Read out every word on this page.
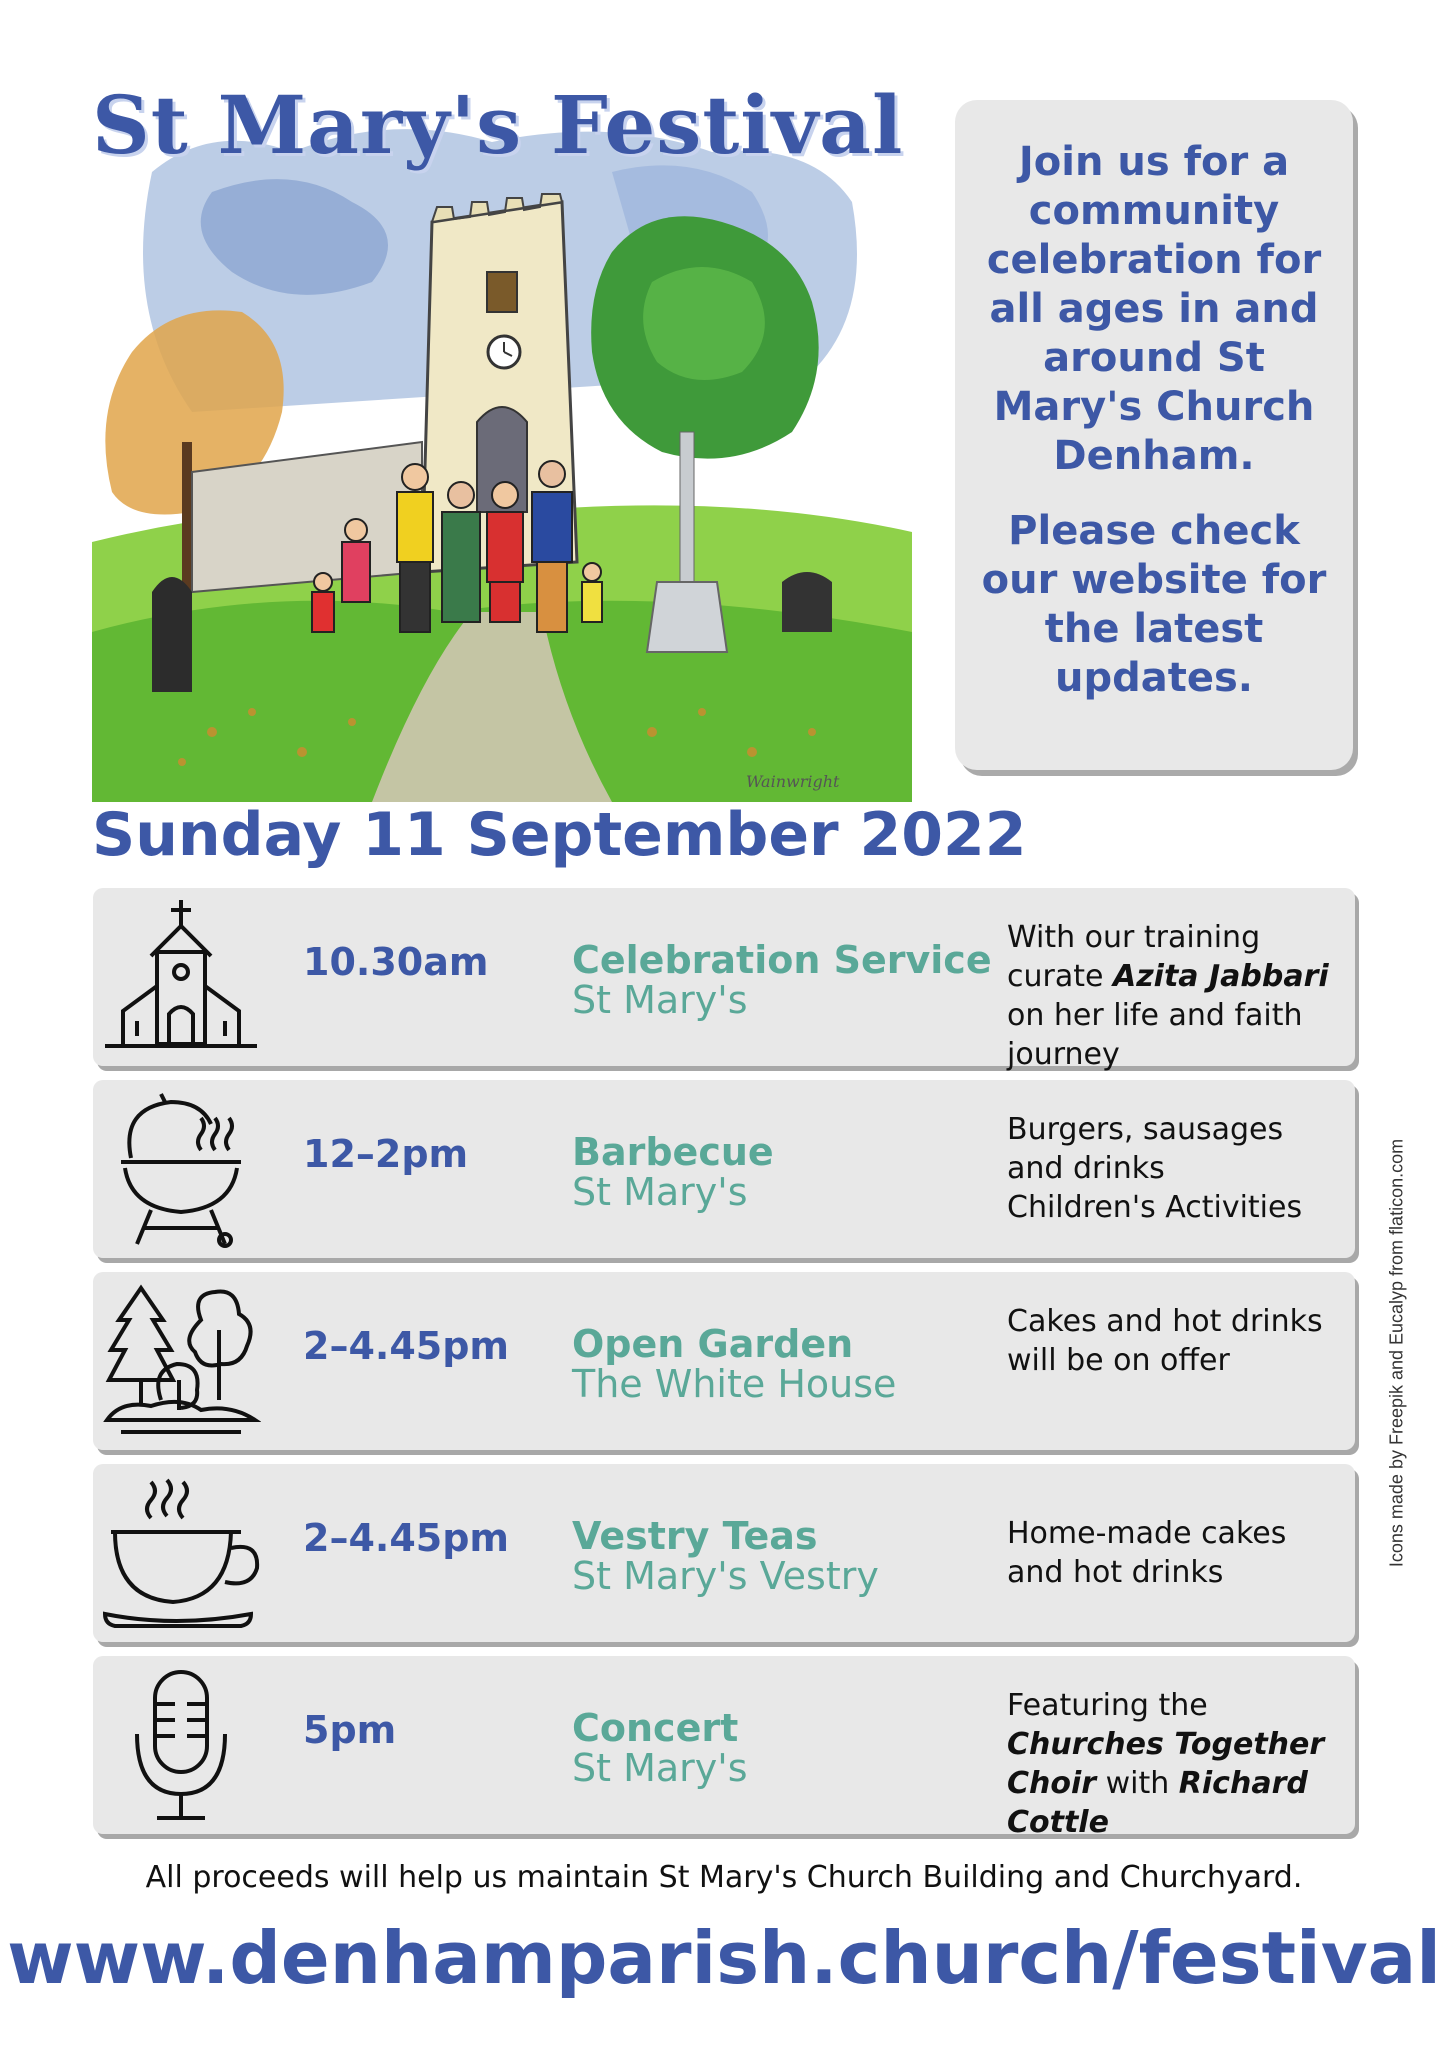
St Mary's Festival
Wainwright

Join us for a community celebration for all ages in and around St Mary's Church Denham.

Please check our website for the latest updates.

Sunday 11 September 2022
10.30am Celebration Service
St Mary's
With our training curate Azita Jabbari on her life and faith journey
12–2pm	Barbecue
St Mary's
Burgers, sausages and drinks
Children's Activities
2–4.45pm Open Garden
The White House
Cakes and hot drinks will be on offer
2–4.45pm Vestry Teas
St Mary's Vestry
Home-made cakes and hot drinks
5pm	Concert
St Mary's
Featuring the Churches Together Choir with Richard Cottle
Icons made by Freepik and Eucalyp from flaticon.com
All proceeds will help us maintain St Mary's Church Building and Churchyard.
www.denhamparish.church/festival
